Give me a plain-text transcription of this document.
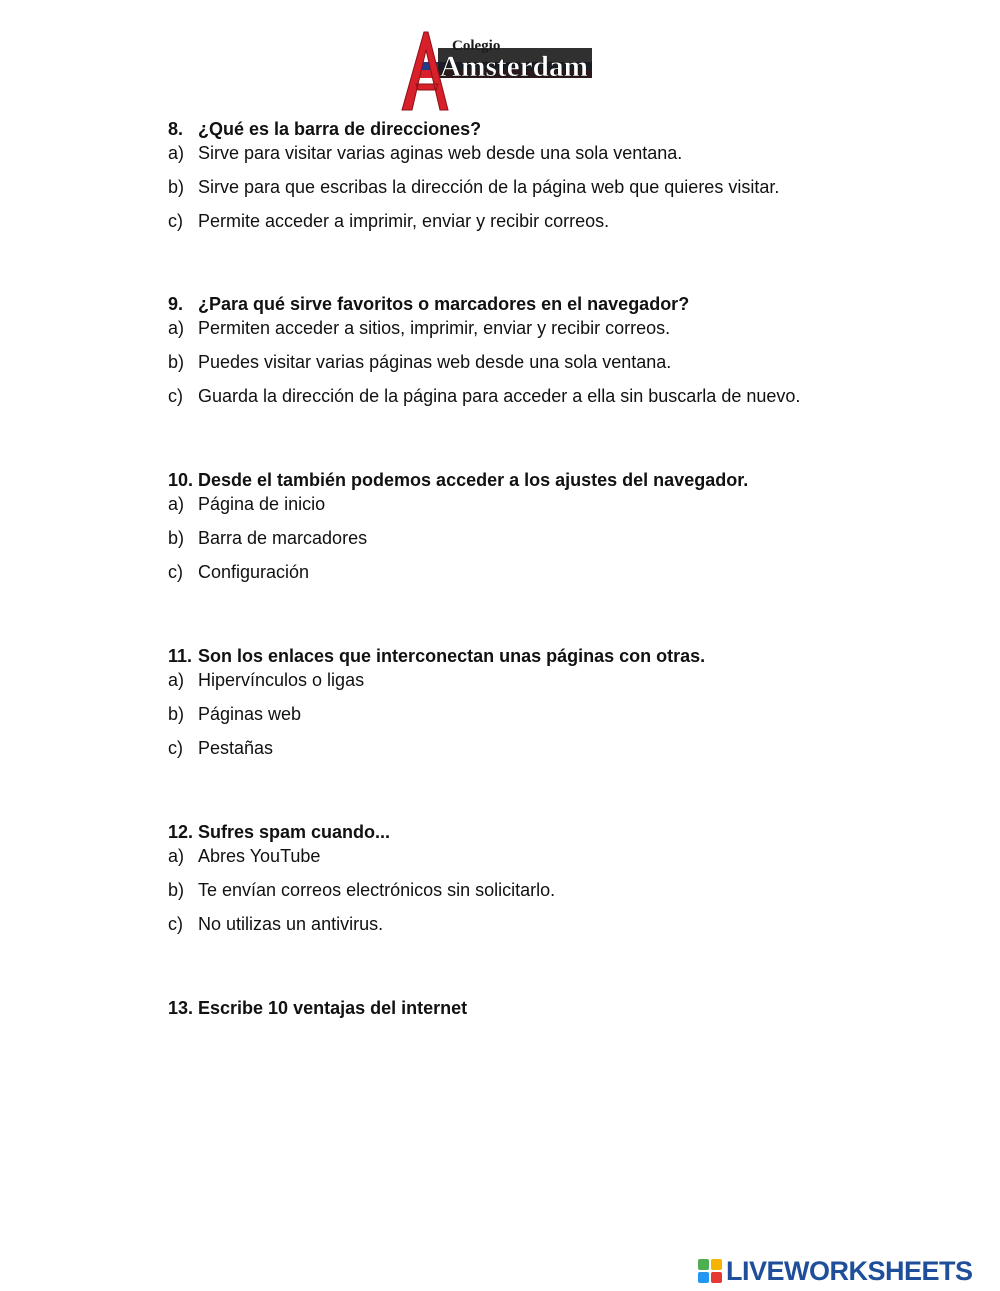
Colegio
Amsterdam
8. ¿Qué es la barra de direcciones?
a) Sirve para visitar varias aginas web desde una sola ventana.
b) Sirve para que escribas la dirección de la página web que quieres visitar.
c) Permite acceder a imprimir, enviar y recibir correos.
9. ¿Para qué sirve favoritos o marcadores en el navegador?
a) Permiten acceder a sitios, imprimir, enviar y recibir correos.
b) Puedes visitar varias páginas web desde una sola ventana.
c) Guarda la dirección de la página para acceder a ella sin buscarla de nuevo.
10. Desde el también podemos acceder a los ajustes del navegador.
a) Página de inicio
b) Barra de marcadores
c) Configuración
11. Son los enlaces que interconectan unas páginas con otras.
a) Hipervínculos o ligas
b) Páginas web
c) Pestañas
12. Sufres spam cuando...
a) Abres YouTube
b) Te envían correos electrónicos sin solicitarlo.
c) No utilizas un antivirus.
13. Escribe 10 ventajas del internet
LIVEWORKSHEETS
